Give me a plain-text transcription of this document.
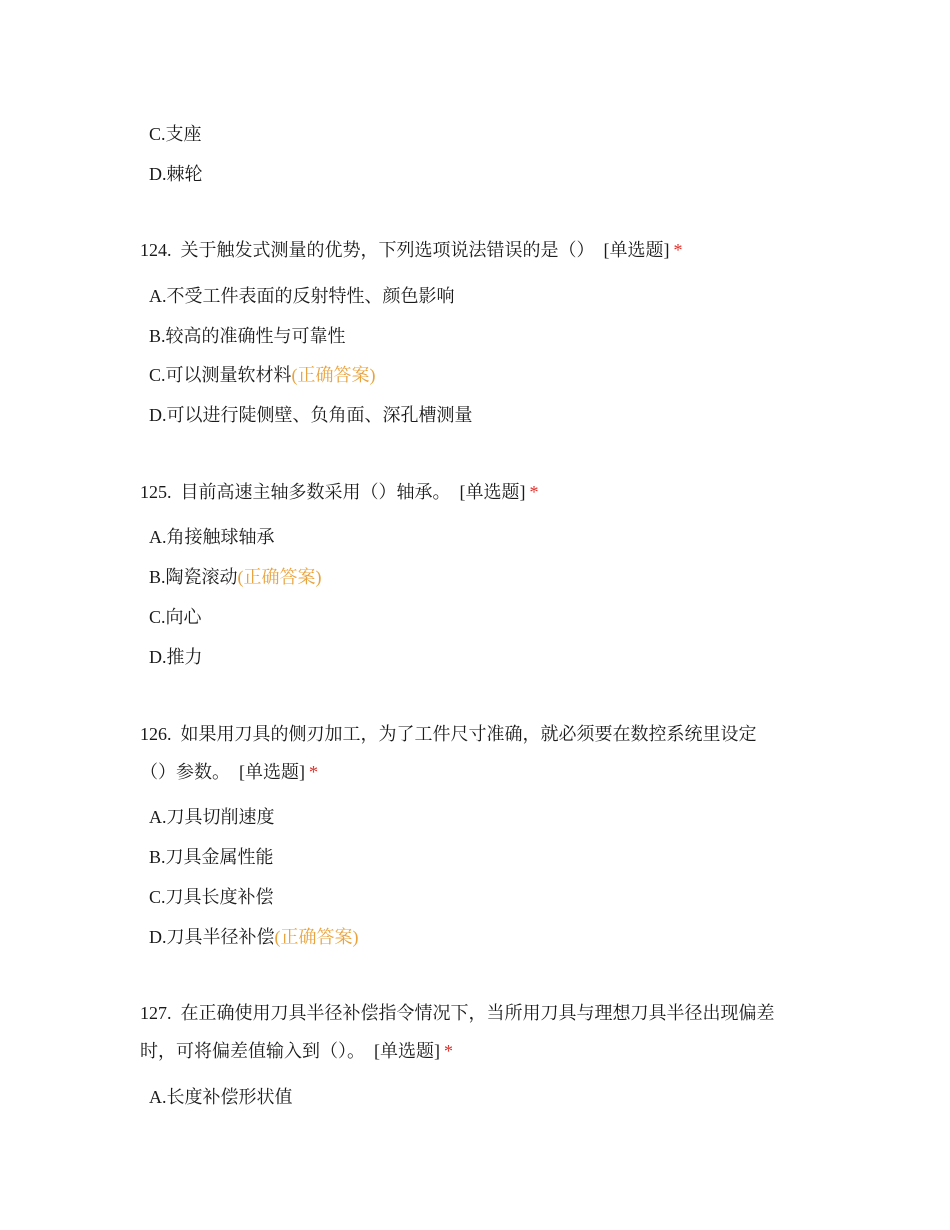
C.支座
D.棘轮
124. 关于触发式测量的优势，下列选项说法错误的是（） [单选题] *
A.不受工件表面的反射特性、颜色影响
B.较高的准确性与可靠性
C.可以测量软材料(正确答案)
D.可以进行陡侧壁、负角面、深孔槽测量
125. 目前高速主轴多数采用（）轴承。 [单选题] *
A.角接触球轴承
B.陶瓷滚动(正确答案)
C.向心
D.推力
126. 如果用刀具的侧刃加工，为了工件尺寸准确，就必须要在数控系统里设定
（）参数。 [单选题] *
A.刀具切削速度
B.刀具金属性能
C.刀具长度补偿
D.刀具半径补偿(正确答案)
127. 在正确使用刀具半径补偿指令情况下，当所用刀具与理想刀具半径出现偏差
时，可将偏差值输入到（）。 [单选题] *
A.长度补偿形状值
